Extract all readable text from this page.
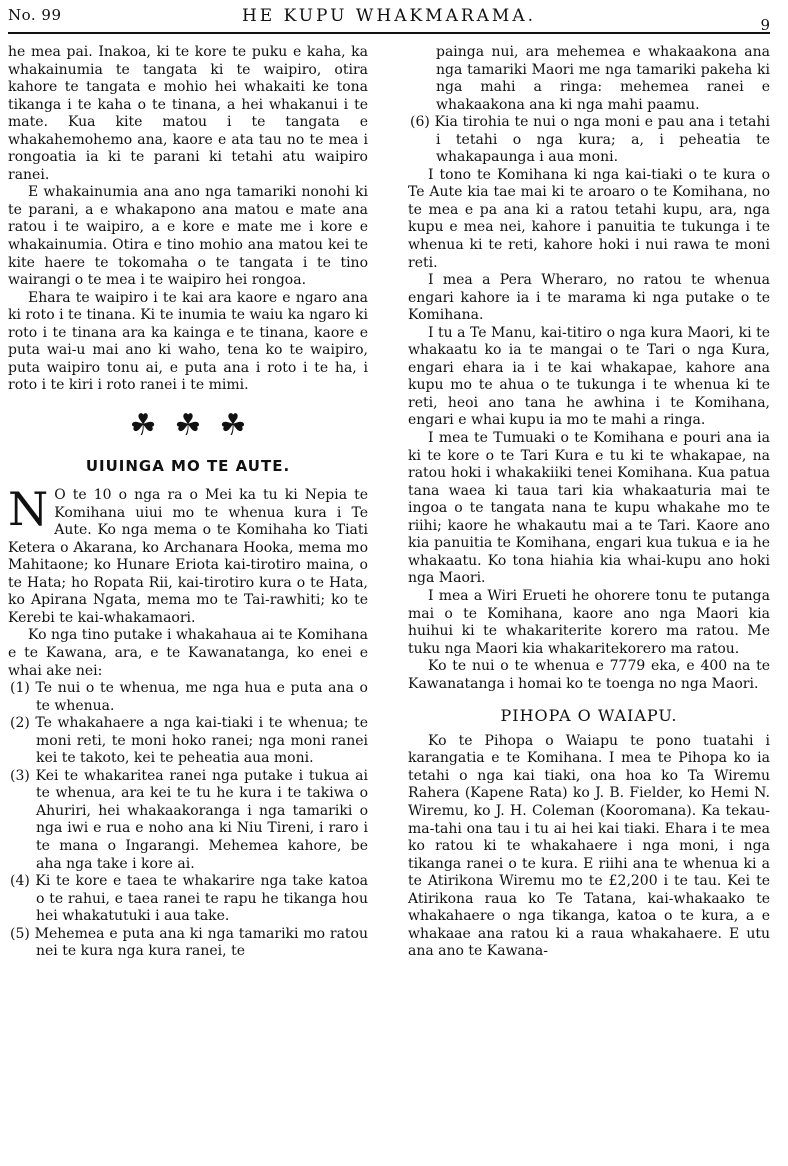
No. 99	HE KUPU WHAKMARAMA.	9

he mea pai. Inakoa, ki te kore te puku e kaha, ka whakainumia te tangata ki te waipiro, otira kahore te tangata e mohio hei whakaiti ke tona tikanga i te kaha o te tinana, a hei whakanui i te mate. Kua kite matou i te tangata e whakahemohemo ana, kaore e ata tau no te mea i rongoatia ia ki te parani ki tetahi atu waipiro ranei.

E whakainumia ana ano nga tamariki nonohi ki te parani, a e whakapono ana matou e mate ana ratou i te waipiro, a e kore e mate me i kore e whakainumia. Otira e tino mohio ana matou kei te kite haere te tokomaha o te tangata i te tino wairangi o te mea i te waipiro hei rongoa.

Ehara te waipiro i te kai ara kaore e ngaro ana ki roto i te tinana. Ki te inumia te waiu ka ngaro ki roto i te tinana ara ka kainga e te tinana, kaore e puta wai-u mai ano ki waho, tena ko te waipiro, puta waipiro tonu ai, e puta ana i roto i te ha, i roto i te kiri i roto ranei i te mimi.

☘☘☘
UIUINGA MO TE AUTE.

N O te 10 o nga ra o Mei ka tu ki Nepia te Komihana uiui mo te whenua kura i Te Aute. Ko nga mema o te Komihaha ko Tiati Ketera o Akarana, ko Archanara Hooka, mema mo Mahitaone; ko Hunare Eriota kai-tirotiro maina, o te Hata; ho Ropata Rii, kai-tirotiro kura o te Hata, ko Apirana Ngata, mema mo te Tai-rawhiti; ko te Kerebi te kai-whakamaori.

Ko nga tino putake i whakahaua ai te Komihana e te Kawana, ara, e te Kawanatanga, ko enei e whai ake nei:

(1) Te nui o te whenua, me nga hua e puta ana o te whenua.

(2) Te whakahaere a nga kai-tiaki i te whenua; te moni reti, te moni hoko ranei; nga moni ranei kei te takoto, kei te peheatia aua moni.

(3) Kei te whakaritea ranei nga putake i tukua ai te whenua, ara kei te tu he kura i te takiwa o Ahuriri, hei whakaakoranga i nga tamariki o nga iwi e rua e noho ana ki Niu Tireni, i raro i te mana o Ingarangi. Mehemea kahore, be aha nga take i kore ai.

(4) Ki te kore e taea te whakarire nga take katoa o te rahui, e taea ranei te rapu he tikanga hou hei whakatutuki i aua take.

(5) Mehemea e puta ana ki nga tamariki mo ratou nei te kura nga kura ranei, te

painga nui, ara mehemea e whakaakona ana nga tamariki Maori me nga tamariki pakeha ki nga mahi a ringa: mehemea ranei e whakaakona ana ki nga mahi paamu.

(6) Kia tirohia te nui o nga moni e pau ana i tetahi i tetahi o nga kura; a, i peheatia te whakapaunga i aua moni.

I tono te Komihana ki nga kai-tiaki o te kura o Te Aute kia tae mai ki te aroaro o te Komihana, no te mea e pa ana ki a ratou tetahi kupu, ara, nga kupu e mea nei, kahore i panuitia te tukunga i te whenua ki te reti, kahore hoki i nui rawa te moni reti.

I mea a Pera Wheraro, no ratou te whenua engari kahore ia i te marama ki nga putake o te Komihana.

I tu a Te Manu, kai-titiro o nga kura Maori, ki te whakaatu ko ia te mangai o te Tari o nga Kura, engari ehara ia i te kai whakapae, kahore ana kupu mo te ahua o te tukunga i te whenua ki te reti, heoi ano tana he awhina i te Komihana, engari e whai kupu ia mo te mahi a ringa.

I mea te Tumuaki o te Komihana e pouri ana ia ki te kore o te Tari Kura e tu ki te whakapae, na ratou hoki i whakakiiki tenei Komihana. Kua patua tana waea ki taua tari kia whakaaturia mai te ingoa o te tangata nana te kupu whakahe mo te riihi; kaore he whakautu mai a te Tari. Kaore ano kia panuitia te Komihana, engari kua tukua e ia he whakaatu. Ko tona hiahia kia whai-kupu ano hoki nga Maori.

I mea a Wiri Erueti he ohorere tonu te putanga mai o te Komihana, kaore ano nga Maori kia huihui ki te whakariterite korero ma ratou. Me tuku nga Maori kia whakaritekorero ma ratou.

Ko te nui o te whenua e 7779 eka, e 400 na te Kawanatanga i homai ko te toenga no nga Maori.

PIHOPA O WAIAPU.

Ko te Pihopa o Waiapu te pono tuatahi i karangatia e te Komihana. I mea te Pihopa ko ia tetahi o nga kai tiaki, ona hoa ko Ta Wiremu Rahera (Kapene Rata) ko J. B. Fielder, ko Hemi N. Wiremu, ko J. H. Coleman (Kooromana). Ka tekau-ma-tahi ona tau i tu ai hei kai tiaki. Ehara i te mea ko ratou ki te whakahaere i nga moni, i nga tikanga ranei o te kura. E riihi ana te whenua ki a te Atirikona Wiremu mo te £2,200 i te tau. Kei te Atirikona raua ko Te Tatana, kai-whakaako te whakahaere o nga tikanga, katoa o te kura, a e whakaae ana ratou ki a raua whakahaere. E utu ana ano te Kawana-
